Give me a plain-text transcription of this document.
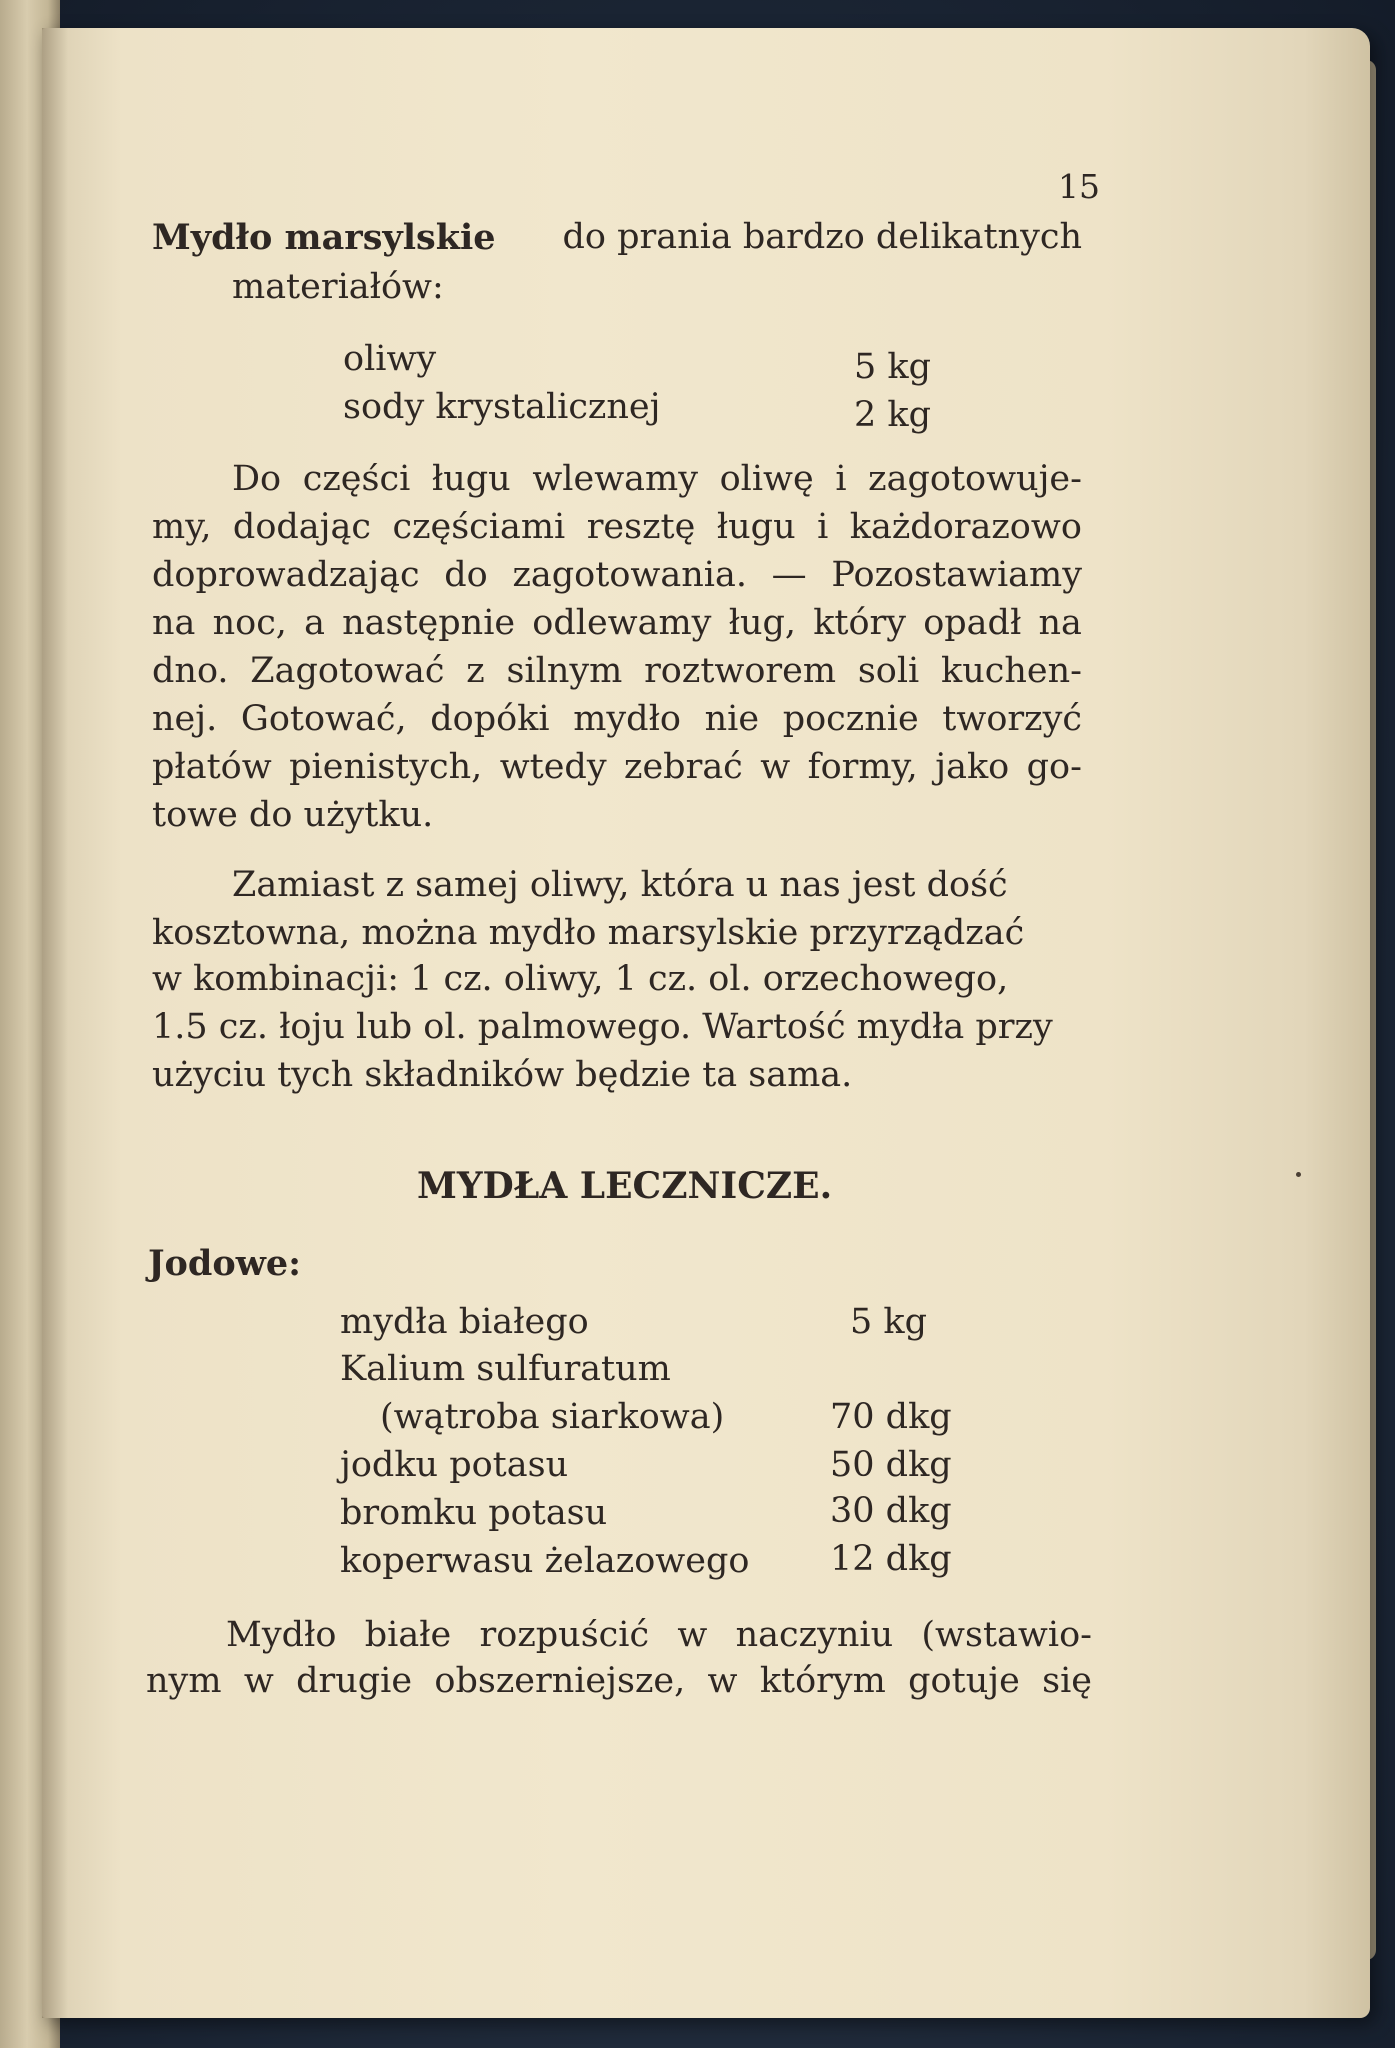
15
Mydło marsylskie do prania bardzo delikatnych
materiałów:
oliwy	5 kg
sody krystalicznej	2 kg
Do części ługu wlewamy oliwę i zagotowuje-
my, dodając częściami resztę ługu i każdorazowo
doprowadzając do zagotowania. — Pozostawiamy
na noc, a następnie odlewamy ług, który opadł na
dno. Zagotować z silnym roztworem soli kuchen-
nej. Gotować, dopóki mydło nie pocznie tworzyć
płatów pienistych, wtedy zebrać w formy, jako go-
towe do użytku.
Zamiast z samej oliwy, która u nas jest dość
kosztowna, można mydło marsylskie przyrządzać
w kombinacji: 1 cz. oliwy, 1 cz. ol. orzechowego,
1.5 cz. łoju lub ol. palmowego. Wartość mydła przy
użyciu tych składników będzie ta sama.
MYDŁA LECZNICZE.
Jodowe:
mydła białego	5 kg
Kalium sulfuratum
(wątroba siarkowa)	70 dkg
jodku potasu	50 dkg
bromku potasu	30 dkg
koperwasu żelazowego 12 dkg
Mydło białe rozpuścić w naczyniu (wstawio-
nym w drugie obszerniejsze, w którym gotuje się
